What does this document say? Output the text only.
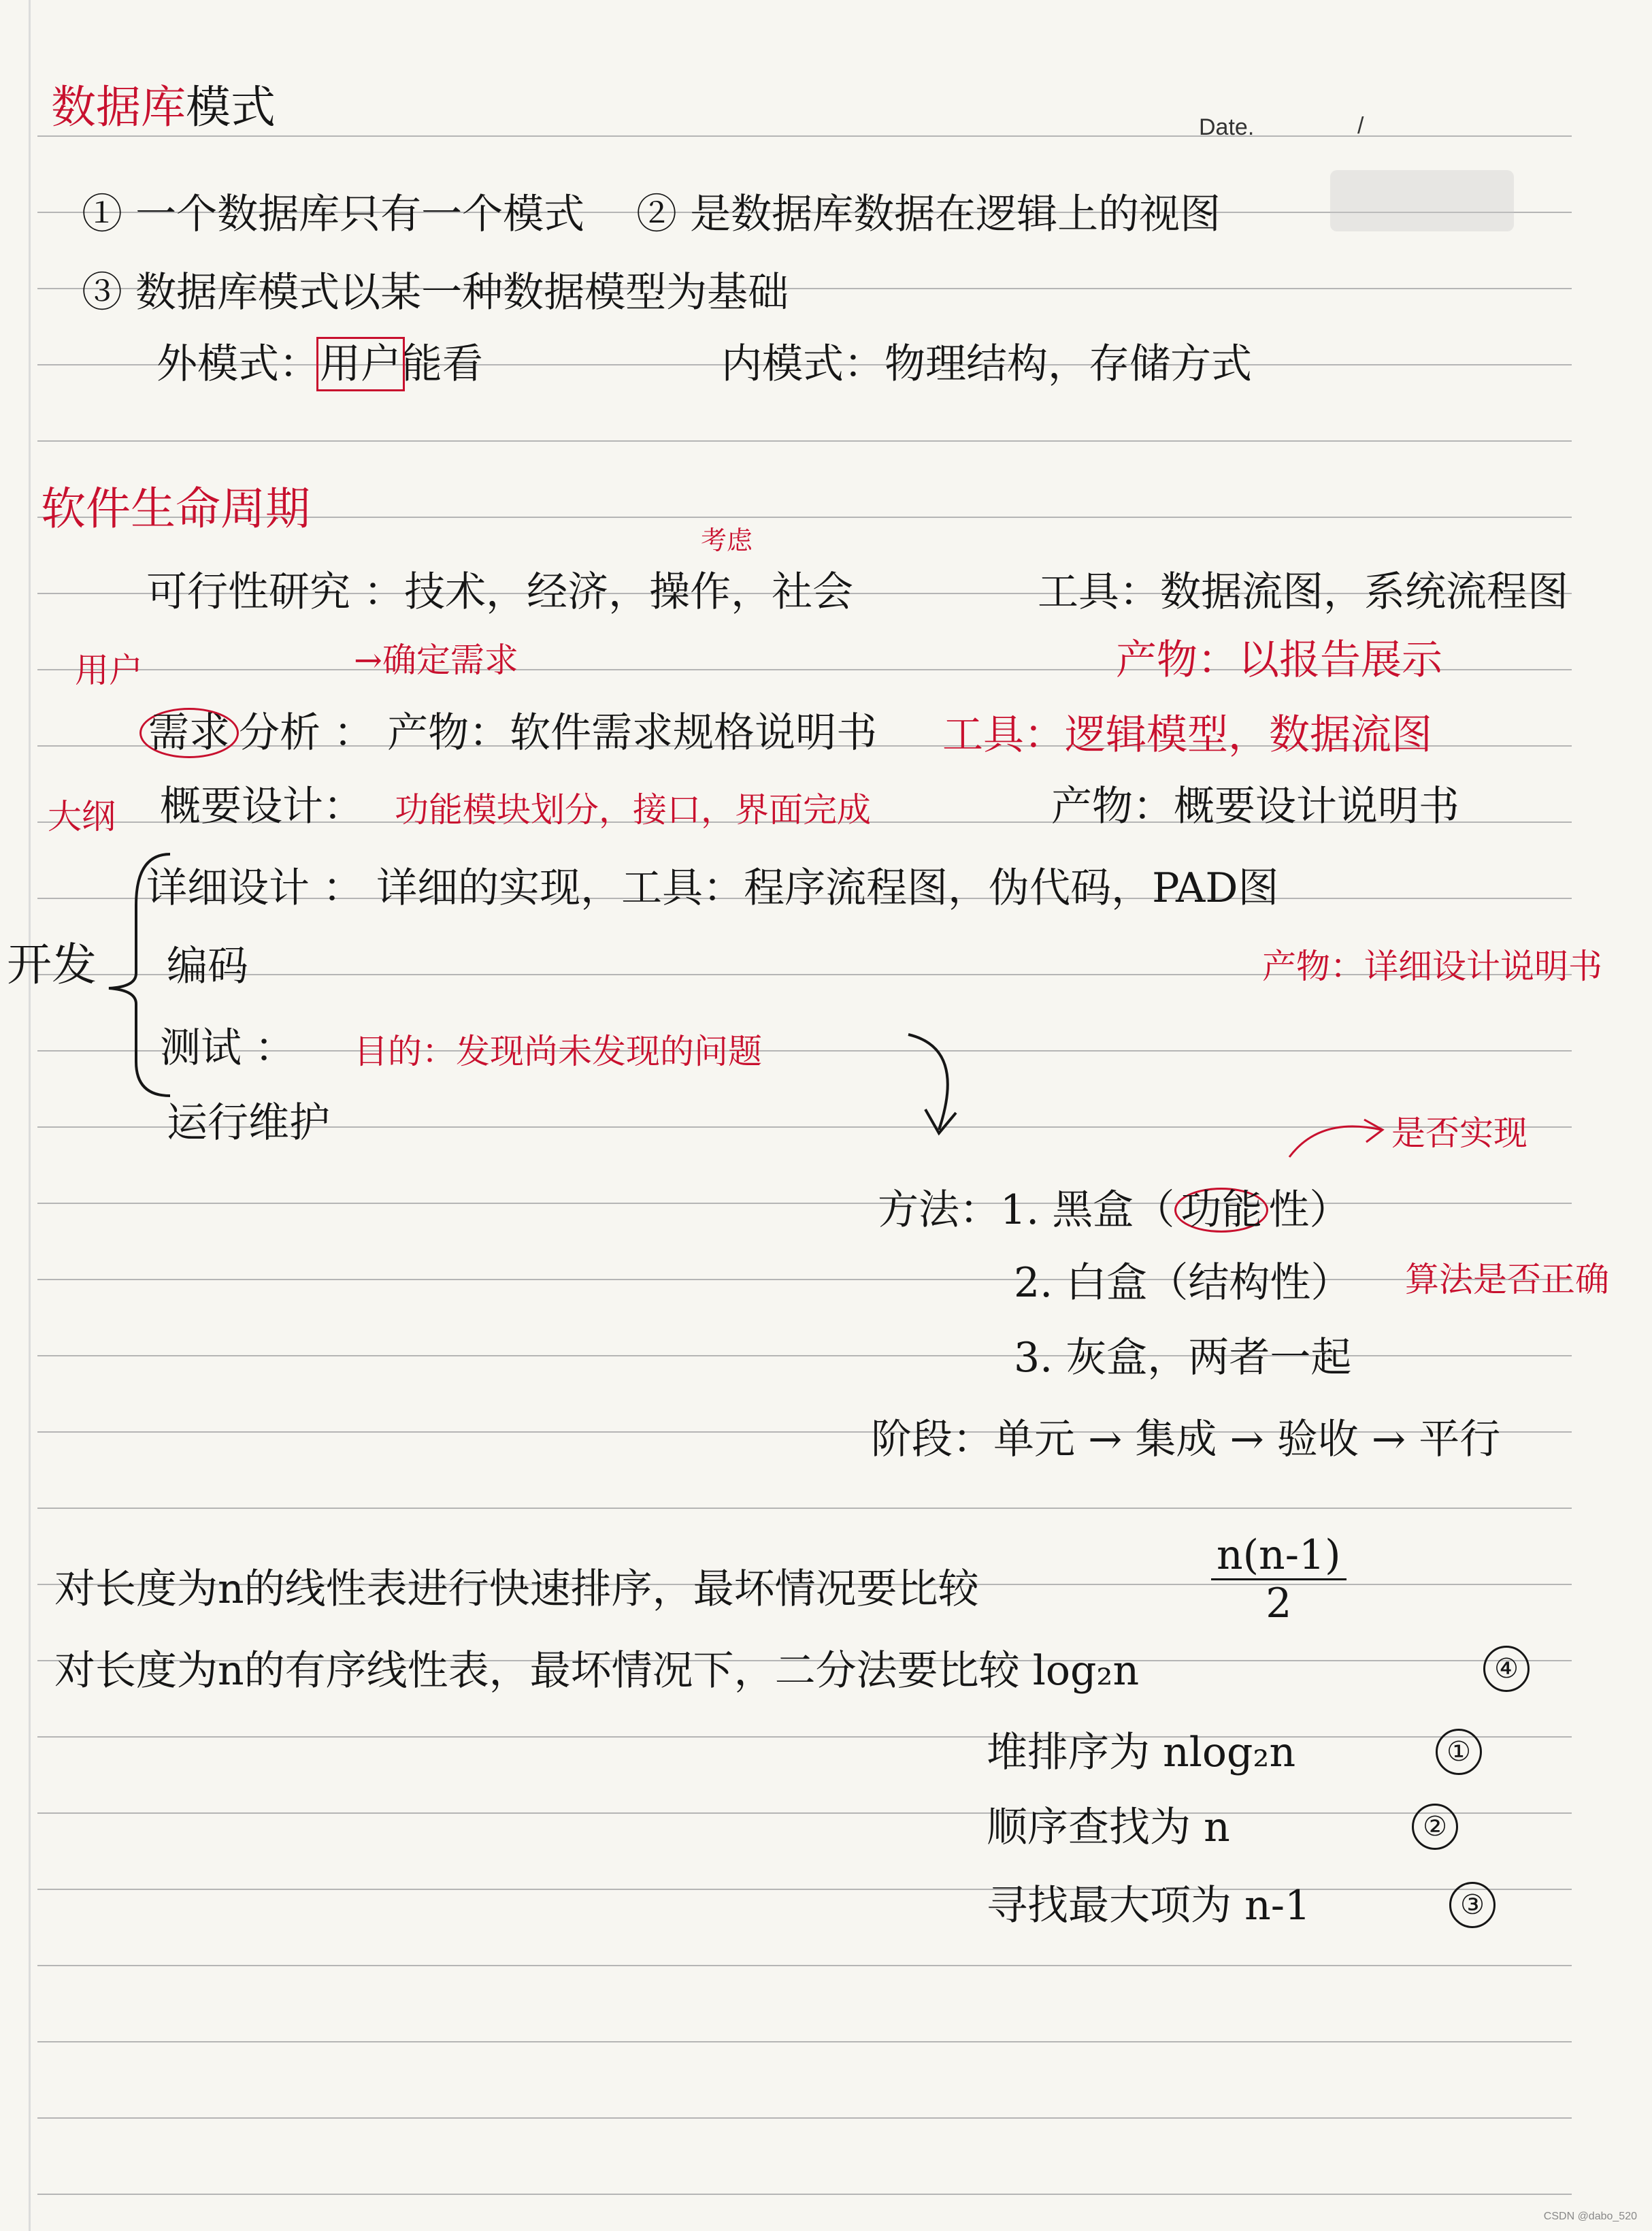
Date.	/
数据库模式
① 一个数据库只有一个模式 ② 是数据库数据在逻辑上的视图
③ 数据库模式以某一种数据模型为基础
外模式：用户能看	内模式：物理结构，存储方式
软件生命周期
考虑
可行性研究 ：技术，经济，操作，社会	工具：数据流图，系统流程图
用户	→确定需求	产物：以报告展示
需求 分析 ： 产物：软件需求规格说明书 工具：逻辑模型，数据流图
大纲 概要设计： 功能模块划分，接口，界面完成	产物：概要设计说明书
详细设计 ： 详细的实现，工具：程序流程图，伪代码，PAD图
开发 编码	产物：详细设计说明书
测试 ： 目的：发现尚未发现的问题
运行维护	是否实现
方法：1. 黑盒（ 功能 性）
2. 白盒（结构性） 算法是否正确
3. 灰盒，两者一起
阶段：单元 → 集成 → 验收 → 平行
对长度为n的线性表进行快速排序，最坏情况要比较	$\frac{n(n-1)}{2}$
对长度为n的有序线性表，最坏情况下，二分法要比较 log₂n	④
堆排序为 nlog₂n	①
顺序查找为 n	②
寻找最大项为 n-1	③
CSDN @dabo_520
